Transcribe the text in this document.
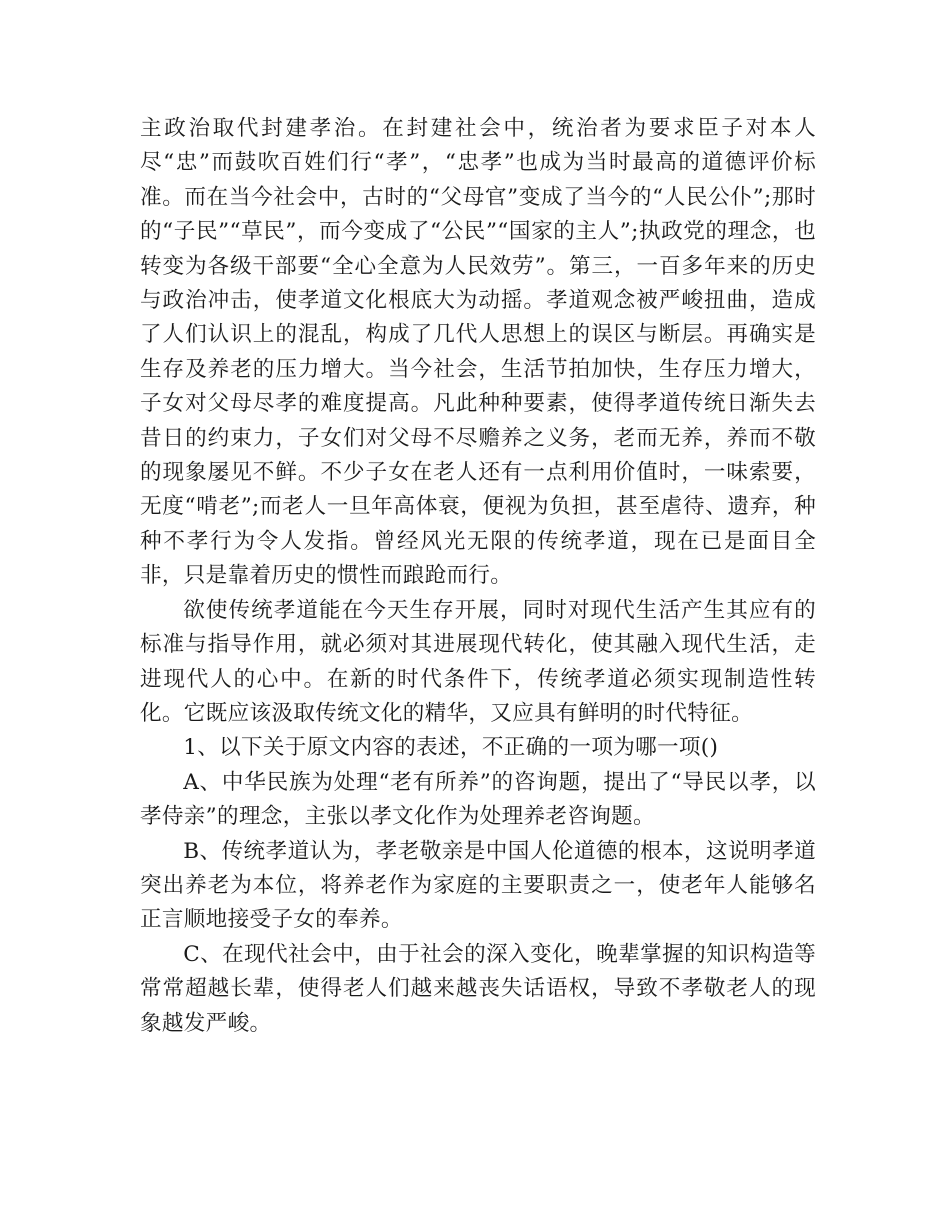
主政治取代封建孝治。在封建社会中，统治者为要求臣子对本人尽“忠”而鼓吹百姓们行“孝”，“忠孝”也成为当时最高的道德评价标准。而在当今社会中，古时的“父母官”变成了当今的“人民公仆”;那时的“子民”“草民”，而今变成了“公民”“国家的主人”;执政党的理念，也转变为各级干部要“全心全意为人民效劳”。第三，一百多年来的历史与政治冲击，使孝道文化根底大为动摇。孝道观念被严峻扭曲，造成了人们认识上的混乱，构成了几代人思想上的误区与断层。再确实是生存及养老的压力增大。当今社会，生活节拍加快，生存压力增大，子女对父母尽孝的难度提高。凡此种种要素，使得孝道传统日渐失去昔日的约束力，子女们对父母不尽赡养之义务，老而无养，养而不敬的现象屡见不鲜。不少子女在老人还有一点利用价值时，一味索要，无度“啃老”;而老人一旦年高体衰，便视为负担，甚至虐待、遗弃，种种不孝行为令人发指。曾经风光无限的传统孝道，现在已是面目全非，只是靠着历史的惯性而踉跄而行。

欲使传统孝道能在今天生存开展，同时对现代生活产生其应有的标准与指导作用，就必须对其进展现代转化，使其融入现代生活，走进现代人的心中。在新的时代条件下，传统孝道必须实现制造性转化。它既应该汲取传统文化的精华，又应具有鲜明的时代特征。

1、以下关于原文内容的表述，不正确的一项为哪一项()

A、中华民族为处理“老有所养”的咨询题，提出了“导民以孝，以孝侍亲”的理念，主张以孝文化作为处理养老咨询题。

B、传统孝道认为，孝老敬亲是中国人伦道德的根本，这说明孝道突出养老为本位，将养老作为家庭的主要职责之一，使老年人能够名正言顺地接受子女的奉养。

C、在现代社会中，由于社会的深入变化，晚辈掌握的知识构造等常常超越长辈，使得老人们越来越丧失话语权，导致不孝敬老人的现象越发严峻。
